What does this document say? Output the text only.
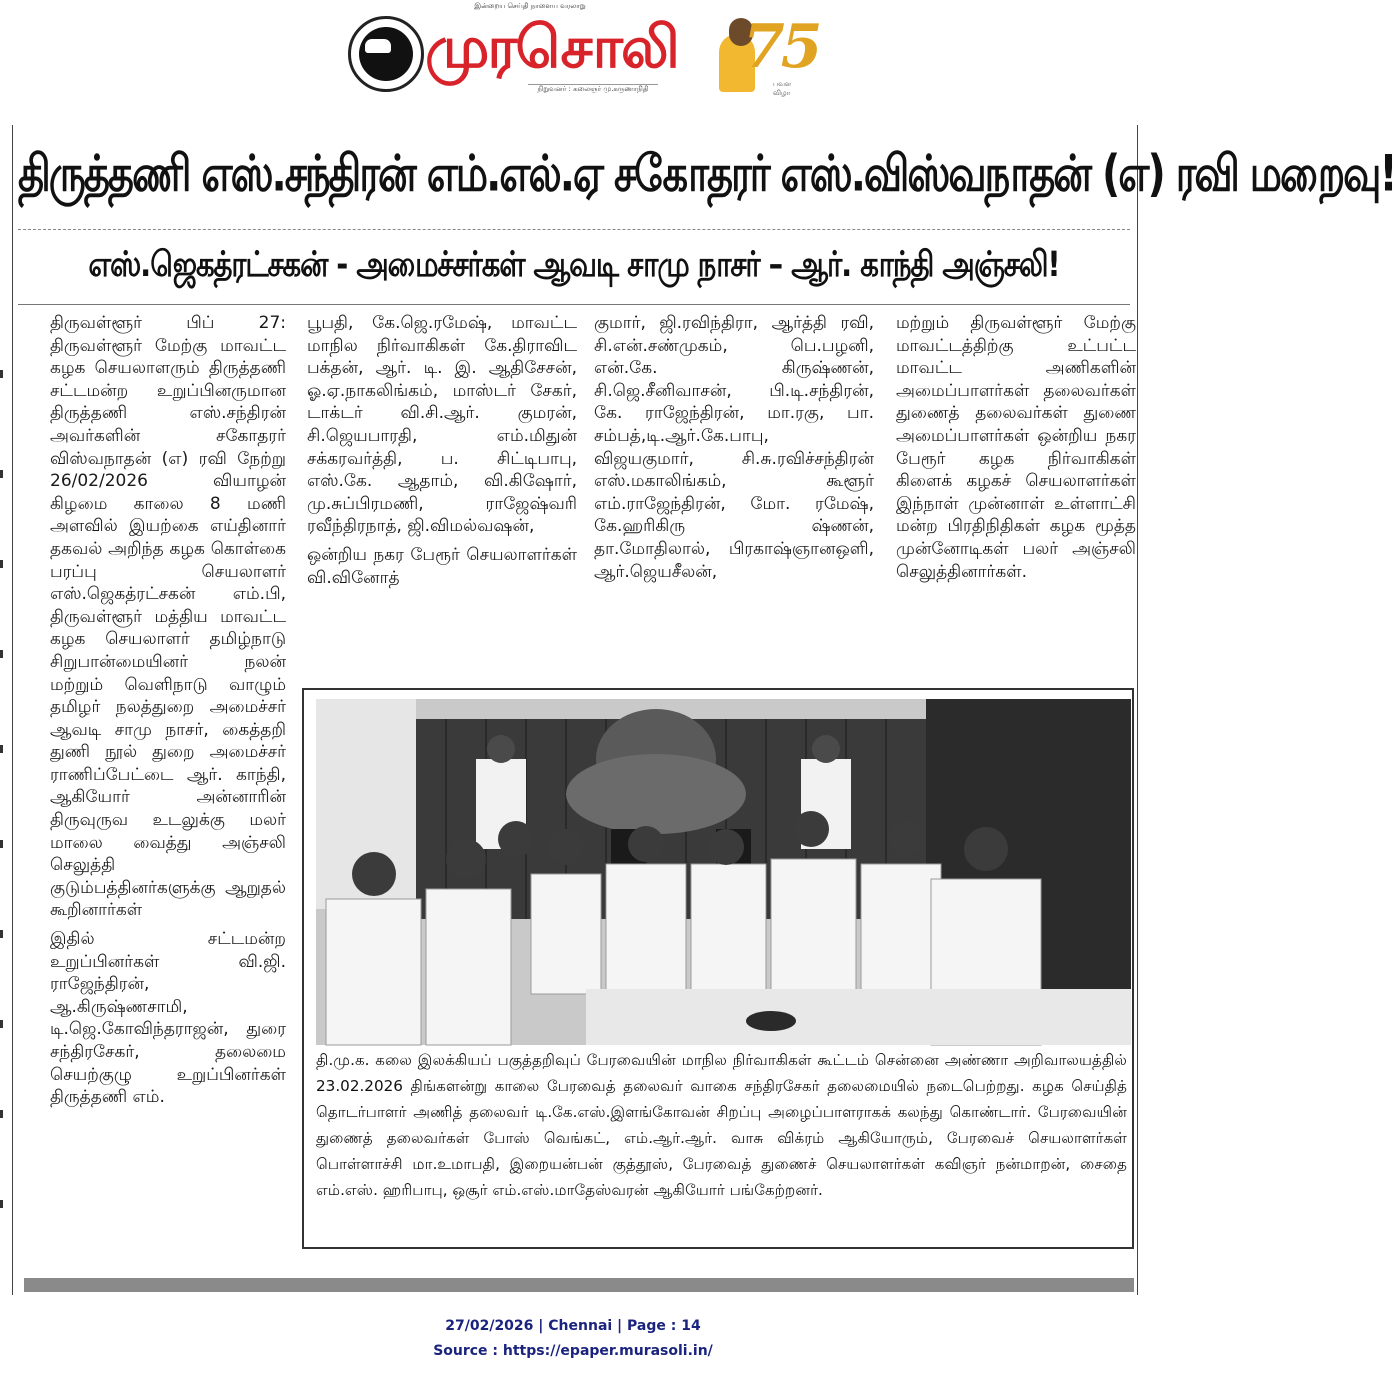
இன்றைய செய்தி நாளைய வரலாறு
முரசொலி
நிறுவனர் : கலைஞர் மு.கருணாநிதி
75
பவள விழா
திருத்தணி எஸ்.சந்திரன் எம்.எல்.ஏ சகோதரர் எஸ்.விஸ்வநாதன் (எ) ரவி மறைவு!
எஸ்.ஜெகத்ரட்சகன் - அமைச்சர்கள் ஆவடி சாமு நாசர் – ஆர். காந்தி அஞ்சலி!

திருவள்ளூர் பிப் 27: திருவள்ளூர் மேற்கு மாவட்ட கழக செயலாளரும் திருத்தணி சட்டமன்ற உறுப்பினருமான திருத்தணி எஸ்.சந்திரன் அவர்களின் சகோதரர் விஸ்வநாதன் (எ) ரவி நேற்று 26/02/2026 வியாழன் கிழமை காலை 8 மணி அளவில் இயற்கை எய்தினார் தகவல் அறிந்த கழக கொள்கை பரப்பு செயலாளர் எஸ்.ஜெகத்ரட்சகன் எம்.பி, திருவள்ளூர் மத்திய மாவட்ட கழக செயலாளர் தமிழ்நாடு சிறுபான்மையினர் நலன் மற்றும் வெளிநாடு வாழும் தமிழர் நலத்துறை அமைச்சர் ஆவடி சாமு நாசர், கைத்தறி துணி நூல் துறை அமைச்சர் ராணிப்பேட்டை ஆர். காந்தி, ஆகியோர் அன்னாரின் திருவுருவ உடலுக்கு மலர் மாலை வைத்து அஞ்சலி செலுத்தி குடும்பத்தினர்களுக்கு ஆறுதல் கூறினார்கள்

இதில் சட்டமன்ற உறுப்பினர்கள் வி.ஜி. ராஜேந்திரன், ஆ.கிருஷ்ணசாமி, டி.ஜெ.கோவிந்தராஜன், துரை சந்திரசேகர், தலைமை செயற்குழு உறுப்பினர்கள் திருத்தணி எம்.

பூபதி, கே.ஜெ.ரமேஷ், மாவட்ட மாநில நிர்வாகிகள் கே.திராவிட பக்தன், ஆர். டி. இ. ஆதிசேசன், ஓ.ஏ.நாகலிங்கம், மாஸ்டர் சேகர், டாக்டர் வி.சி.ஆர். குமரன், சி.ஜெயபாரதி, எம்.மிதுன் சக்கரவர்த்தி, ப. சிட்டிபாபு, எஸ்.கே. ஆதாம், வி.கிஷோர், மு.சுப்பிரமணி, ராஜேஷ்வரி ரவீந்திரநாத், ஜி.விமல்வஷன்,

ஒன்றிய நகர பேரூர் செயலாளர்கள் வி.வினோத்

குமார், ஜி.ரவிந்திரா, ஆர்த்தி ரவி, சி.என்.சண்முகம், பெ.பழனி, என்.கே. கிருஷ்ணன், சி.ஜெ.சீனிவாசன், பி.டி.சந்திரன், கே. ராஜேந்திரன், மா.ரகு, பா. சம்பத்,டி.ஆர்.கே.பாபு, விஜயகுமார், சி.சு.ரவிச்சந்திரன் எஸ்.மகாலிங்கம், கூளூர் எம்.ராஜேந்திரன், மோ. ரமேஷ், கே.ஹரிகிரு ஷ்ணன், தா.மோதிலால், பிரகாஷ்ஞானஒளி, ஆர்.ஜெயசீலன்,

மற்றும் திருவள்ளூர் மேற்கு மாவட்டத்திற்கு உட்பட்ட மாவட்ட அணிகளின் அமைப்பாளர்கள் தலைவர்கள் துணைத் தலைவர்கள் துணை அமைப்பாளர்கள் ஒன்றிய நகர பேரூர் கழக நிர்வாகிகள் கிளைக் கழகச் செயலாளர்கள் இந்நாள் முன்னாள் உள்ளாட்சி மன்ற பிரதிநிதிகள் கழக மூத்த முன்னோடிகள் பலர் அஞ்சலி செலுத்தினார்கள்.

தி.மு.க. கலை இலக்கியப் பகுத்தறிவுப் பேரவையின் மாநில நிர்வாகிகள் கூட்டம் சென்னை அண்ணா அறிவாலயத்தில் 23.02.2026 திங்களன்று காலை பேரவைத் தலைவர் வாகை சந்திரசேகர் தலைமையில் நடைபெற்றது. கழக செய்தித் தொடர்பாளர் அணித் தலைவர் டி.கே.எஸ்.இளங்கோவன் சிறப்பு அழைப்பாளராகக் கலந்து கொண்டார். பேரவையின் துணைத் தலைவர்கள் போஸ் வெங்கட், எம்.ஆர்.ஆர். வாசு விக்ரம் ஆகியோரும், பேரவைச் செயலாளர்கள் பொள்ளாச்சி மா.உமாபதி, இறையன்பன் குத்தூஸ், பேரவைத் துணைச் செயலாளர்கள் கவிஞர் நன்மாறன், சைதை எம்.எஸ். ஹரிபாபு, ஒசூர் எம்.எஸ்.மாதேஸ்வரன் ஆகியோர் பங்கேற்றனர்.
27/02/2026 | Chennai | Page : 14
Source : https://epaper.murasoli.in/
